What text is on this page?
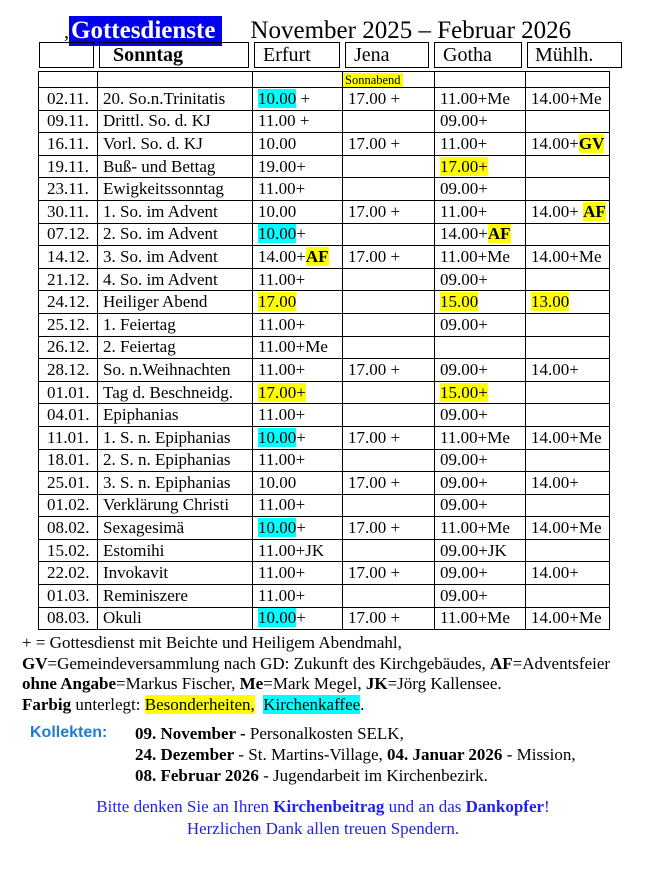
,Gottesdienste November 2025 – Februar 2026
Sonntag	Erfurt	Jena	Gotha	Mühlh.
			Sonnabend		
02.11.	20. So.n.Trinitatis	10.00 +	17.00 +	11.00+Me	14.00+Me
09.11.	Drittl. So. d. KJ	11.00 +		09.00+	
16.11.	Vorl. So. d. KJ	10.00	17.00 +	11.00+	14.00+GV
19.11.	Buß- und Bettag	19.00+		17.00+	
23.11.	Ewigkeitssonntag	11.00+		09.00+	
30.11.	1. So. im Advent	10.00	17.00 +	11.00+	14.00+ AF
07.12.	2. So. im Advent	10.00+		14.00+AF	
14.12.	3. So. im Advent	14.00+AF	17.00 +	11.00+Me	14.00+Me
21.12.	4. So. im Advent	11.00+		09.00+	
24.12.	Heiliger Abend	17.00		15.00	13.00
25.12.	1. Feiertag	11.00+		09.00+	
26.12.	2. Feiertag	11.00+Me			
28.12.	So. n.Weihnachten	11.00+	17.00 +	09.00+	14.00+
01.01.	Tag d. Beschneidg.	17.00+		15.00+	
04.01.	Epiphanias	11.00+		09.00+	
11.01.	1. S. n. Epiphanias	10.00+	17.00 +	11.00+Me	14.00+Me
18.01.	2. S. n. Epiphanias	11.00+		09.00+	
25.01.	3. S. n. Epiphanias	10.00	17.00 +	09.00+	14.00+
01.02.	Verklärung Christi	11.00+		09.00+	
08.02.	Sexagesimä	10.00+	17.00 +	11.00+Me	14.00+Me
15.02.	Estomihi	11.00+JK		09.00+JK	
22.02.	Invokavit	11.00+	17.00 +	09.00+	14.00+
01.03.	Reminiszere	11.00+		09.00+	
08.03.	Okuli	10.00+	17.00 +	11.00+Me	14.00+Me
+ = Gottesdienst mit Beichte und Heiligem Abendmahl,
GV=Gemeindeversammlung nach GD: Zukunft des Kirchgebäudes, AF=Adventsfeier
ohne Angabe=Markus Fischer, Me=Mark Megel, JK=Jörg Kallensee.
Farbig unterlegt: Besonderheiten, Kirchenkaffee.
Kollekten:	09. November - Personalkosten SELK,
24. Dezember - St. Martins-Village, 04. Januar 2026 - Mission,
08. Februar 2026 - Jugendarbeit im Kirchenbezirk.
Bitte denken Sie an Ihren Kirchenbeitrag und an das Dankopfer!
Herzlichen Dank allen treuen Spendern.
